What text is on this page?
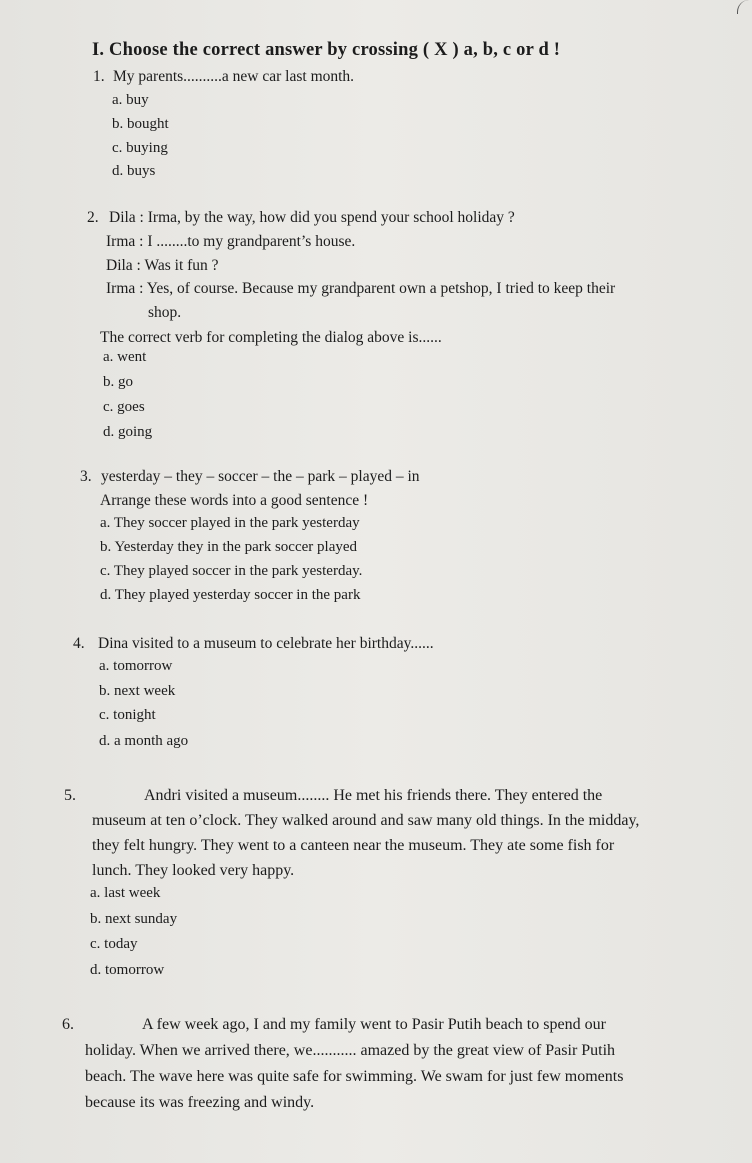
I. Choose the correct answer by crossing ( X ) a, b, c or d !
1. My parents..........a new car last month.
a. buy
b. bought
c. buying
d. buys
2. Dila : Irma, by the way, how did you spend your school holiday ?
Irma : I ........to my grandparent’s house.
Dila : Was it fun ?
Irma : Yes, of course. Because my grandparent own a petshop, I tried to keep their
shop.
The correct verb for completing the dialog above is......
a. went
b. go
c. goes
d. going
3. yesterday – they – soccer – the – park – played – in
Arrange these words into a good sentence !
a. They soccer played in the park yesterday
b. Yesterday they in the park soccer played
c. They played soccer in the park yesterday.
d. They played yesterday soccer in the park
4. Dina visited to a museum to celebrate her birthday......
a. tomorrow
b. next week
c. tonight
d. a month ago
5.	Andri visited a museum........ He met his friends there. They entered the
museum at ten o’clock. They walked around and saw many old things. In the midday,
they felt hungry. They went to a canteen near the museum. They ate some fish for
lunch. They looked very happy.
a. last week
b. next sunday
c. today
d. tomorrow
6.	A few week ago, I and my family went to Pasir Putih beach to spend our
holiday. When we arrived there, we........... amazed by the great view of Pasir Putih
beach. The wave here was quite safe for swimming. We swam for just few moments
because its was freezing and windy.
